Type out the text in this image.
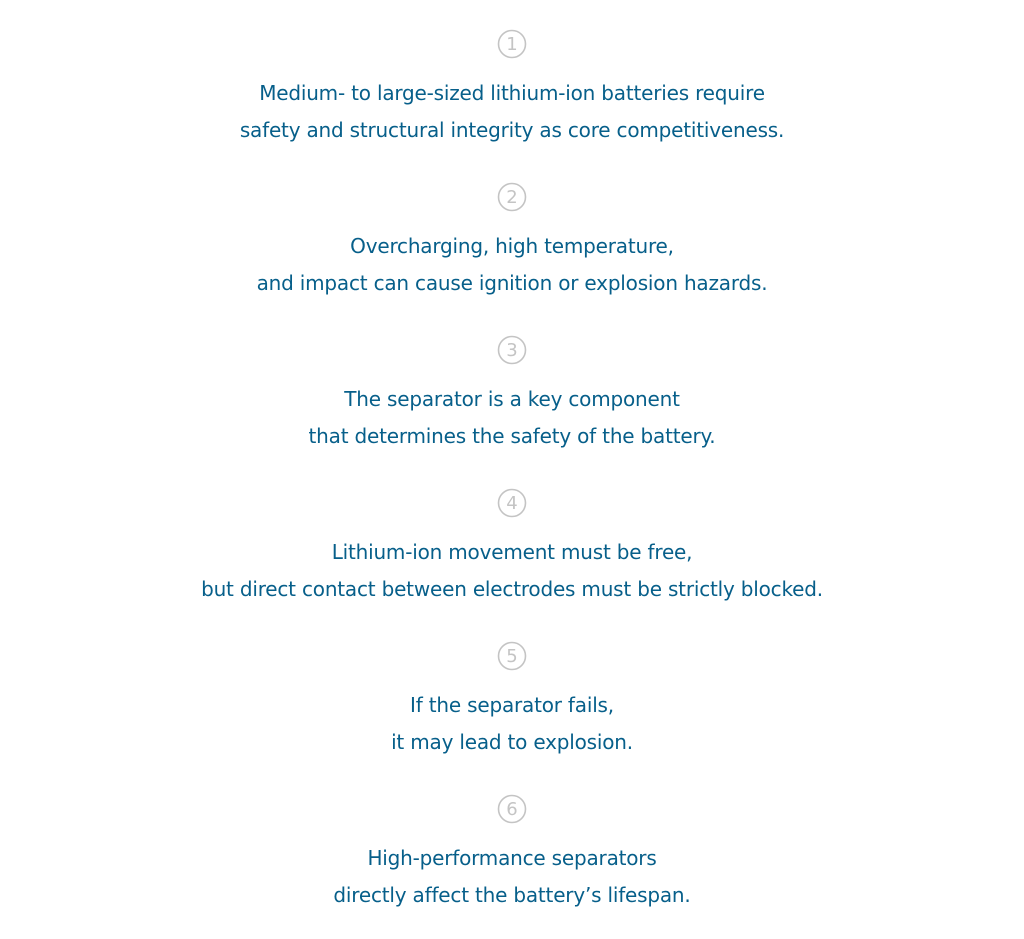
1
Medium- to large-sized lithium-ion batteries require
safety and structural integrity as core competitiveness.
2
Overcharging, high temperature,
and impact can cause ignition or explosion hazards.
3
The separator is a key component
that determines the safety of the battery.
4
Lithium-ion movement must be free,
but direct contact between electrodes must be strictly blocked.
5
If the separator fails,
it may lead to explosion.
6
High-performance separators
directly affect the battery’s lifespan.
